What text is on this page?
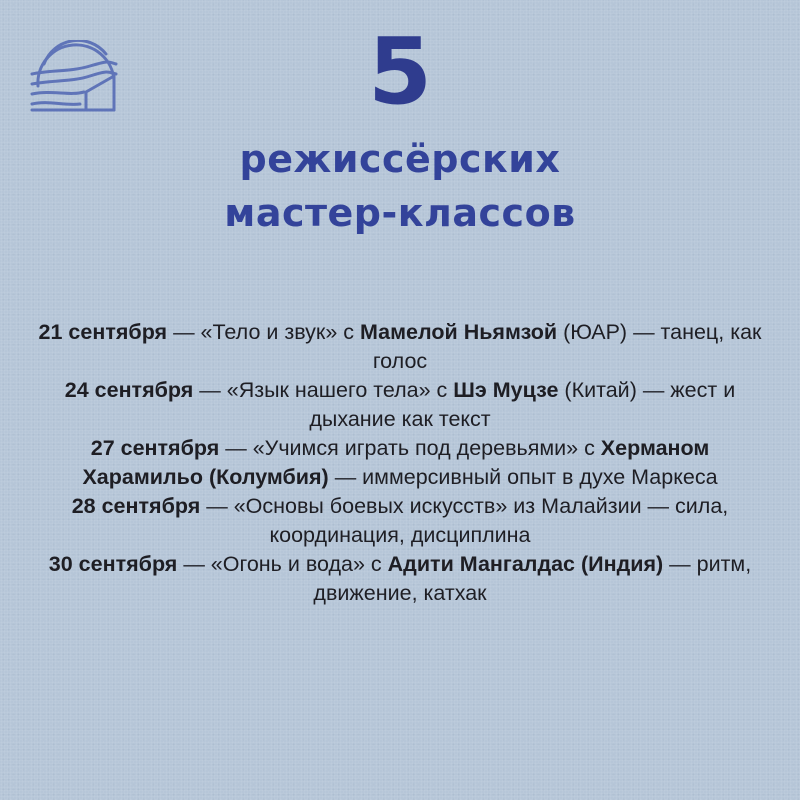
5
режиссёрских
мастер-классов
21 сентября — «Тело и звук» с Мамелой Ньямзой (ЮАР) — танец, как голос
24 сентября — «Язык нашего тела» с Шэ Муцзе (Китай) — жест и дыхание как текст
27 сентября — «Учимся играть под деревьями» с Херманом Харамильо (Колумбия) — иммерсивный опыт в духе Маркеса
28 сентября — «Основы боевых искусств» из Малайзии — сила, координация, дисциплина
30 сентября — «Огонь и вода» с Адити Мангалдас (Индия) — ритм, движение, катхак
